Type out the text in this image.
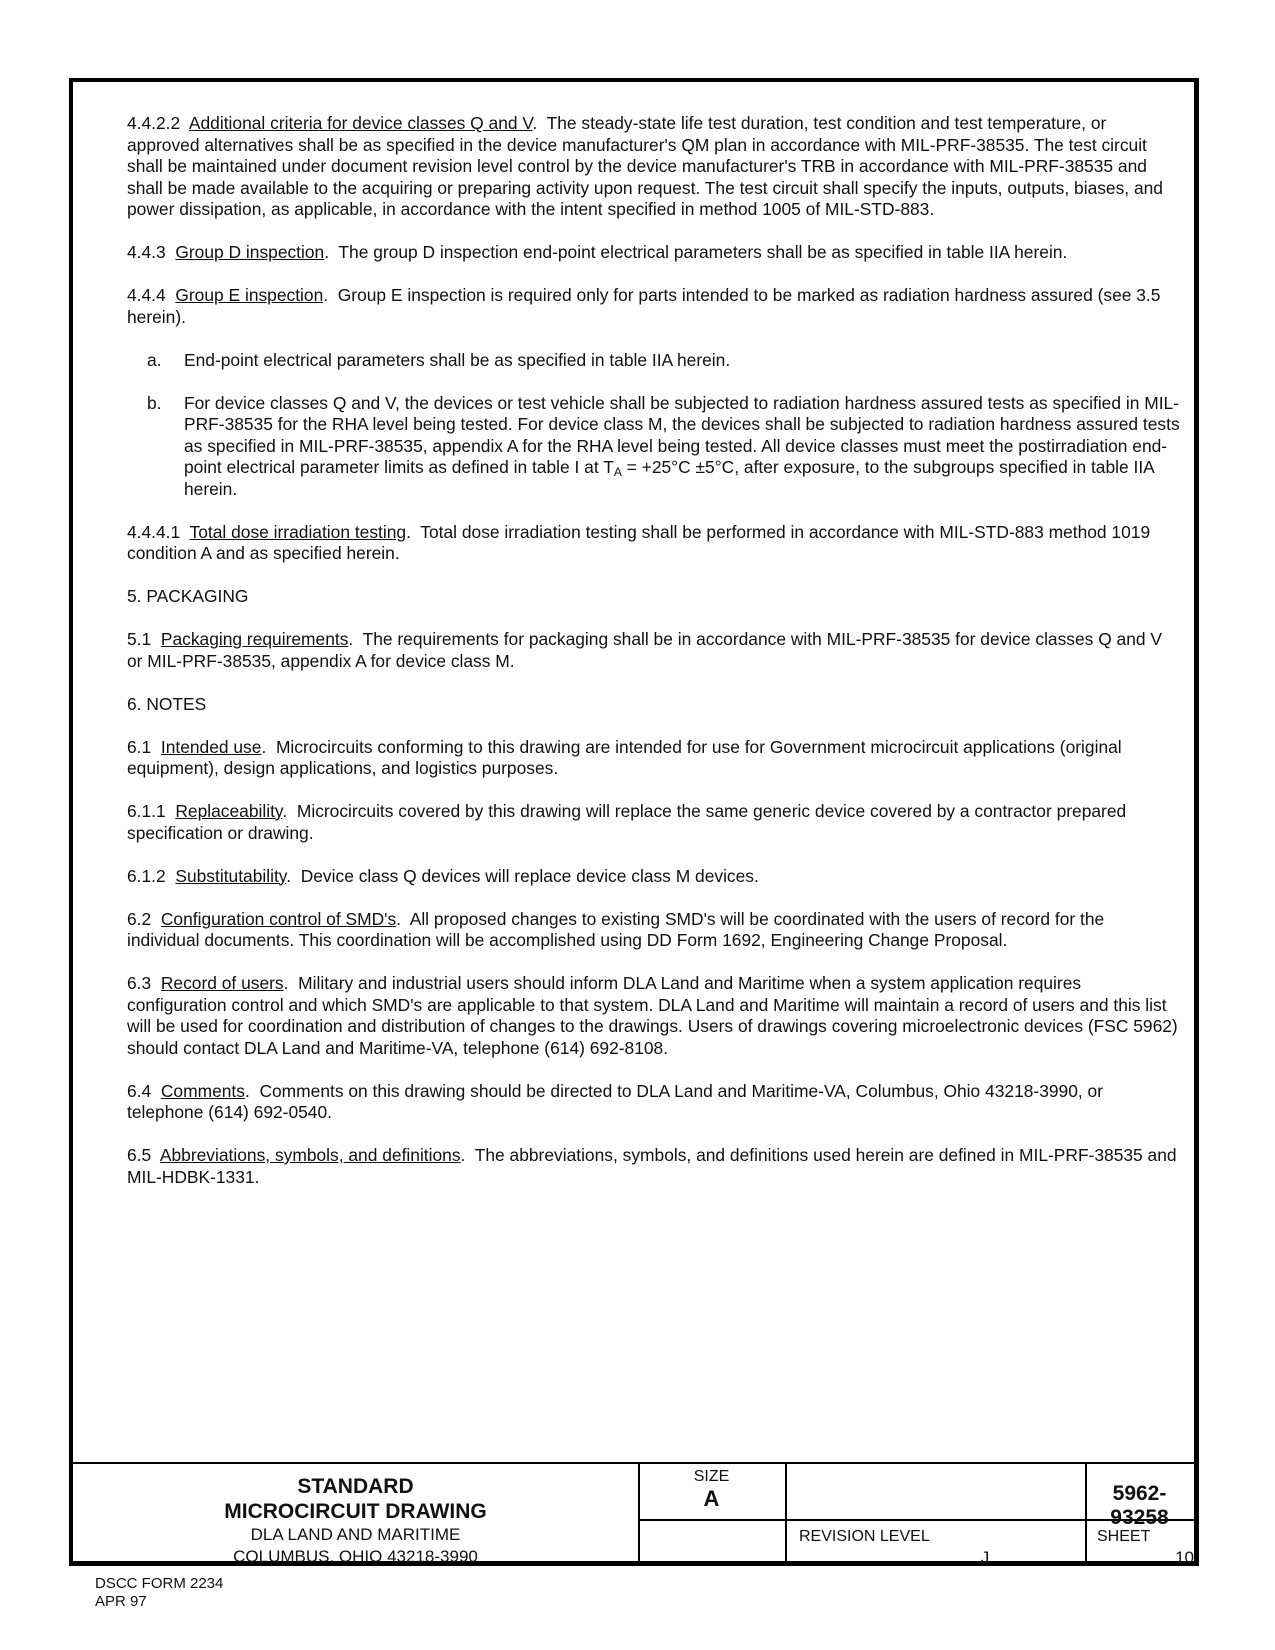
4.4.2.2 Additional criteria for device classes Q and V.  The steady-state life test duration, test condition and test temperature, or approved alternatives shall be as specified in the device manufacturer's QM plan in accordance with MIL-PRF-38535. The test circuit shall be maintained under document revision level control by the device manufacturer's TRB in accordance with MIL-PRF-38535 and shall be made available to the acquiring or preparing activity upon request. The test circuit shall specify the inputs, outputs, biases, and power dissipation, as applicable, in accordance with the intent specified in method 1005 of MIL-STD-883.

4.4.3 Group D inspection.  The group D inspection end-point electrical parameters shall be as specified in table IIA herein.

4.4.4 Group E inspection.  Group E inspection is required only for parts intended to be marked as radiation hardness assured (see 3.5 herein).

a. End-point electrical parameters shall be as specified in table IIA herein.
b. For device classes Q and V, the devices or test vehicle shall be subjected to radiation hardness assured tests as specified in MIL-PRF-38535 for the RHA level being tested. For device class M, the devices shall be subjected to radiation hardness assured tests as specified in MIL-PRF-38535, appendix A for the RHA level being tested. All device classes must meet the postirradiation end-point electrical parameter limits as defined in table I at $T_A = +25^\circ C \pm 5^\circ C$, after exposure, to the subgroups specified in table IIA herein.

4.4.4.1 Total dose irradiation testing.  Total dose irradiation testing shall be performed in accordance with MIL-STD-883 method 1019 condition A and as specified herein.

5. PACKAGING

5.1 Packaging requirements.  The requirements for packaging shall be in accordance with MIL-PRF-38535 for device classes Q and V or MIL-PRF-38535, appendix A for device class M.

6. NOTES

6.1 Intended use.  Microcircuits conforming to this drawing are intended for use for Government microcircuit applications (original equipment), design applications, and logistics purposes.

6.1.1 Replaceability.  Microcircuits covered by this drawing will replace the same generic device covered by a contractor prepared specification or drawing.

6.1.2 Substitutability.  Device class Q devices will replace device class M devices.

6.2 Configuration control of SMD's.  All proposed changes to existing SMD's will be coordinated with the users of record for the individual documents. This coordination will be accomplished using DD Form 1692, Engineering Change Proposal.

6.3 Record of users.  Military and industrial users should inform DLA Land and Maritime when a system application requires configuration control and which SMD's are applicable to that system. DLA Land and Maritime will maintain a record of users and this list will be used for coordination and distribution of changes to the drawings. Users of drawings covering microelectronic devices (FSC 5962) should contact DLA Land and Maritime-VA, telephone (614) 692-8108.

6.4 Comments.  Comments on this drawing should be directed to DLA Land and Maritime-VA, Columbus, Ohio 43218-3990, or telephone (614) 692-0540.

6.5 Abbreviations, symbols, and definitions.  The abbreviations, symbols, and definitions used herein are defined in MIL-PRF-38535 and MIL-HDBK-1331.

STANDARD
MICROCIRCUIT DRAWING
DLA LAND AND MARITIME
COLUMBUS, OHIO 43218-3990
SIZE
A	5962-93258
REVISION LEVEL
J
SHEET
10
DSCC FORM 2234
APR 97
